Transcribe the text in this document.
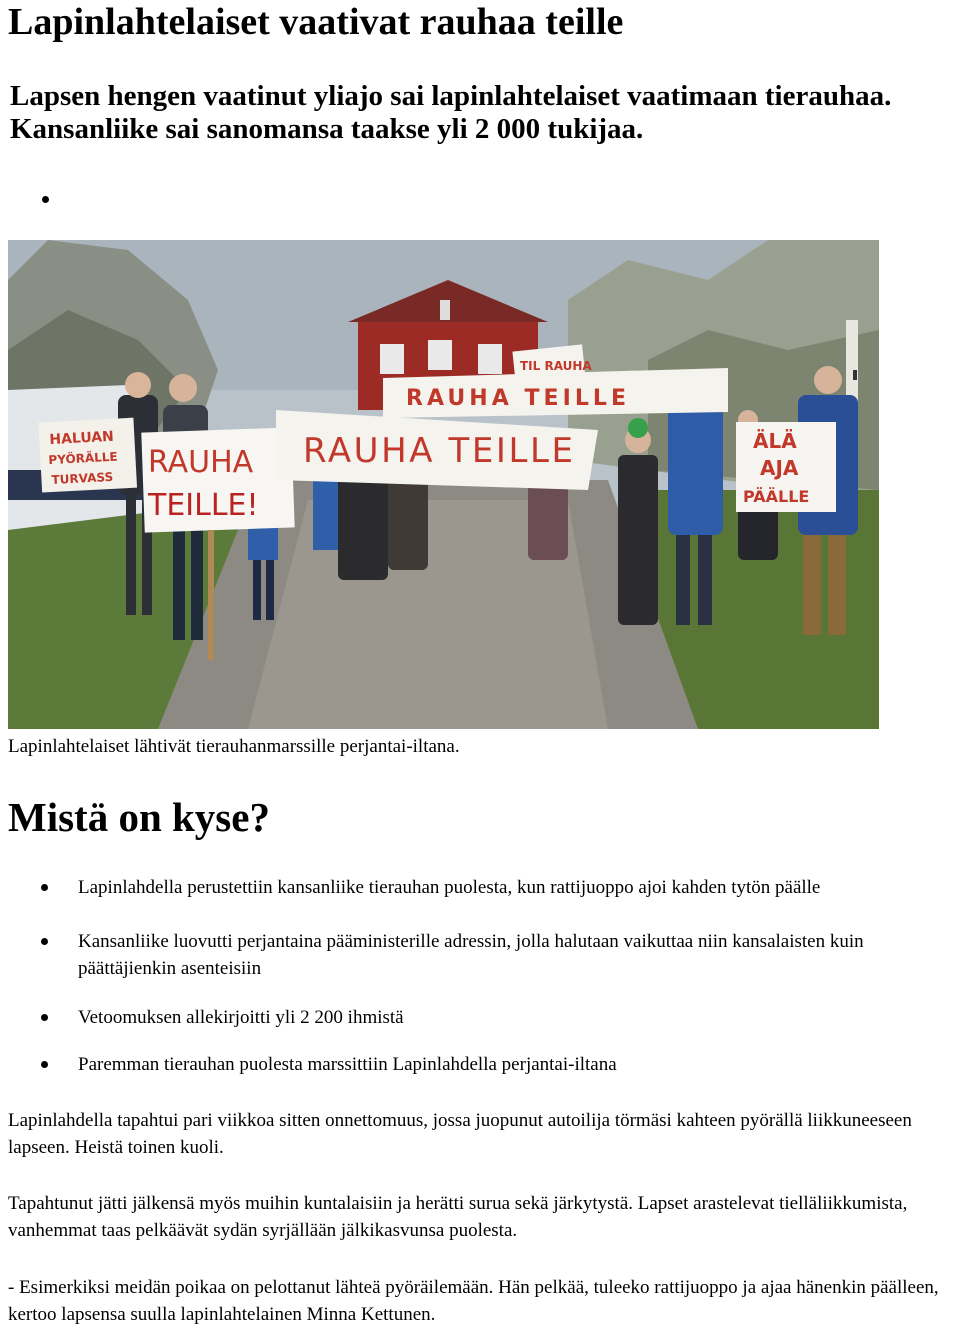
Lapinlahtelaiset vaativat rauhaa teille

Lapsen hengen vaatinut yliajo sai lapinlahtelaiset vaatimaan tierauhaa. Kansanliike sai sanomansa taakse yli 2 000 tukijaa.

HALUAN
PYÖRÄLLE
TURVASS RAUHA
TEILLE!
RAUHA TEILLE
RAUHA TEILLE
TIL RAUHA
ÄLÄ
AJA
PÄÄLLE

Lapinlahtelaiset lähtivät tierauhanmarssille perjantai-iltana.

Mistä on kyse?
Lapinlahdella perustettiin kansanliike tierauhan puolesta, kun rattijuoppo ajoi kahden tytön päälle
Kansanliike luovutti perjantaina pääministerille adressin, jolla halutaan vaikuttaa niin kansalaisten kuin päättäjienkin asenteisiin
Vetoomuksen allekirjoitti yli 2 200 ihmistä
Paremman tierauhan puolesta marssittiin Lapinlahdella perjantai-iltana

Lapinlahdella tapahtui pari viikkoa sitten onnettomuus, jossa juopunut autoilija törmäsi kahteen pyörällä liikkuneeseen lapseen. Heistä toinen kuoli.

Tapahtunut jätti jälkensä myös muihin kuntalaisiin ja herätti surua sekä järkytystä. Lapset arastelevat tielläliikkumista, vanhemmat taas pelkäävät sydän syrjällään jälkikasvunsa puolesta.

- Esimerkiksi meidän poikaa on pelottanut lähteä pyöräilemään. Hän pelkää, tuleeko rattijuoppo ja ajaa hänenkin päälleen, kertoo lapsensa suulla lapinlahtelainen Minna Kettunen.
